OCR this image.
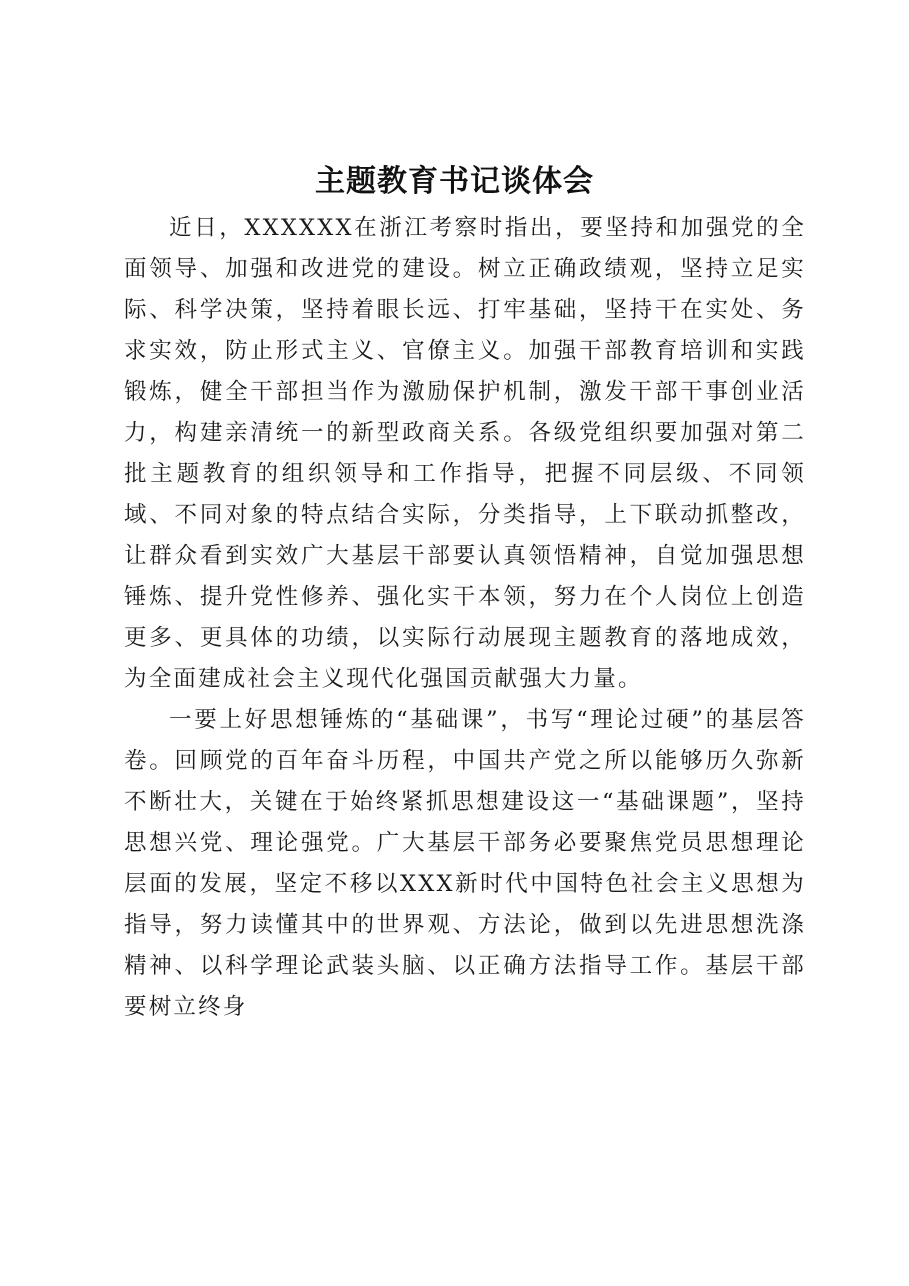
主题教育书记谈体会

近日，XXXXXX在浙江考察时指出，要坚持和加强党的全面领导、加强和改进党的建设。树立正确政绩观，坚持立足实际、科学决策，坚持着眼长远、打牢基础，坚持干在实处、务求实效，防止形式主义、官僚主义。加强干部教育培训和实践锻炼，健全干部担当作为激励保护机制，激发干部干事创业活力，构建亲清统一的新型政商关系。各级党组织要加强对第二批主题教育的组织领导和工作指导，把握不同层级、不同领域、不同对象的特点结合实际，分类指导，上下联动抓整改，让群众看到实效广大基层干部要认真领悟精神，自觉加强思想锤炼、提升党性修养、强化实干本领，努力在个人岗位上创造更多、更具体的功绩，以实际行动展现主题教育的落地成效，为全面建成社会主义现代化强国贡献强大力量。

一要上好思想锤炼的“基础课”，书写“理论过硬”的基层答卷。回顾党的百年奋斗历程，中国共产党之所以能够历久弥新不断壮大，关键在于始终紧抓思想建设这一“基础课题”，坚持思想兴党、理论强党。广大基层干部务必要聚焦党员思想理论层面的发展，坚定不移以XXX新时代中国特色社会主义思想为指导，努力读懂其中的世界观、方法论，做到以先进思想洗涤精神、以科学理论武装头脑、以正确方法指导工作。基层干部要树立终身
